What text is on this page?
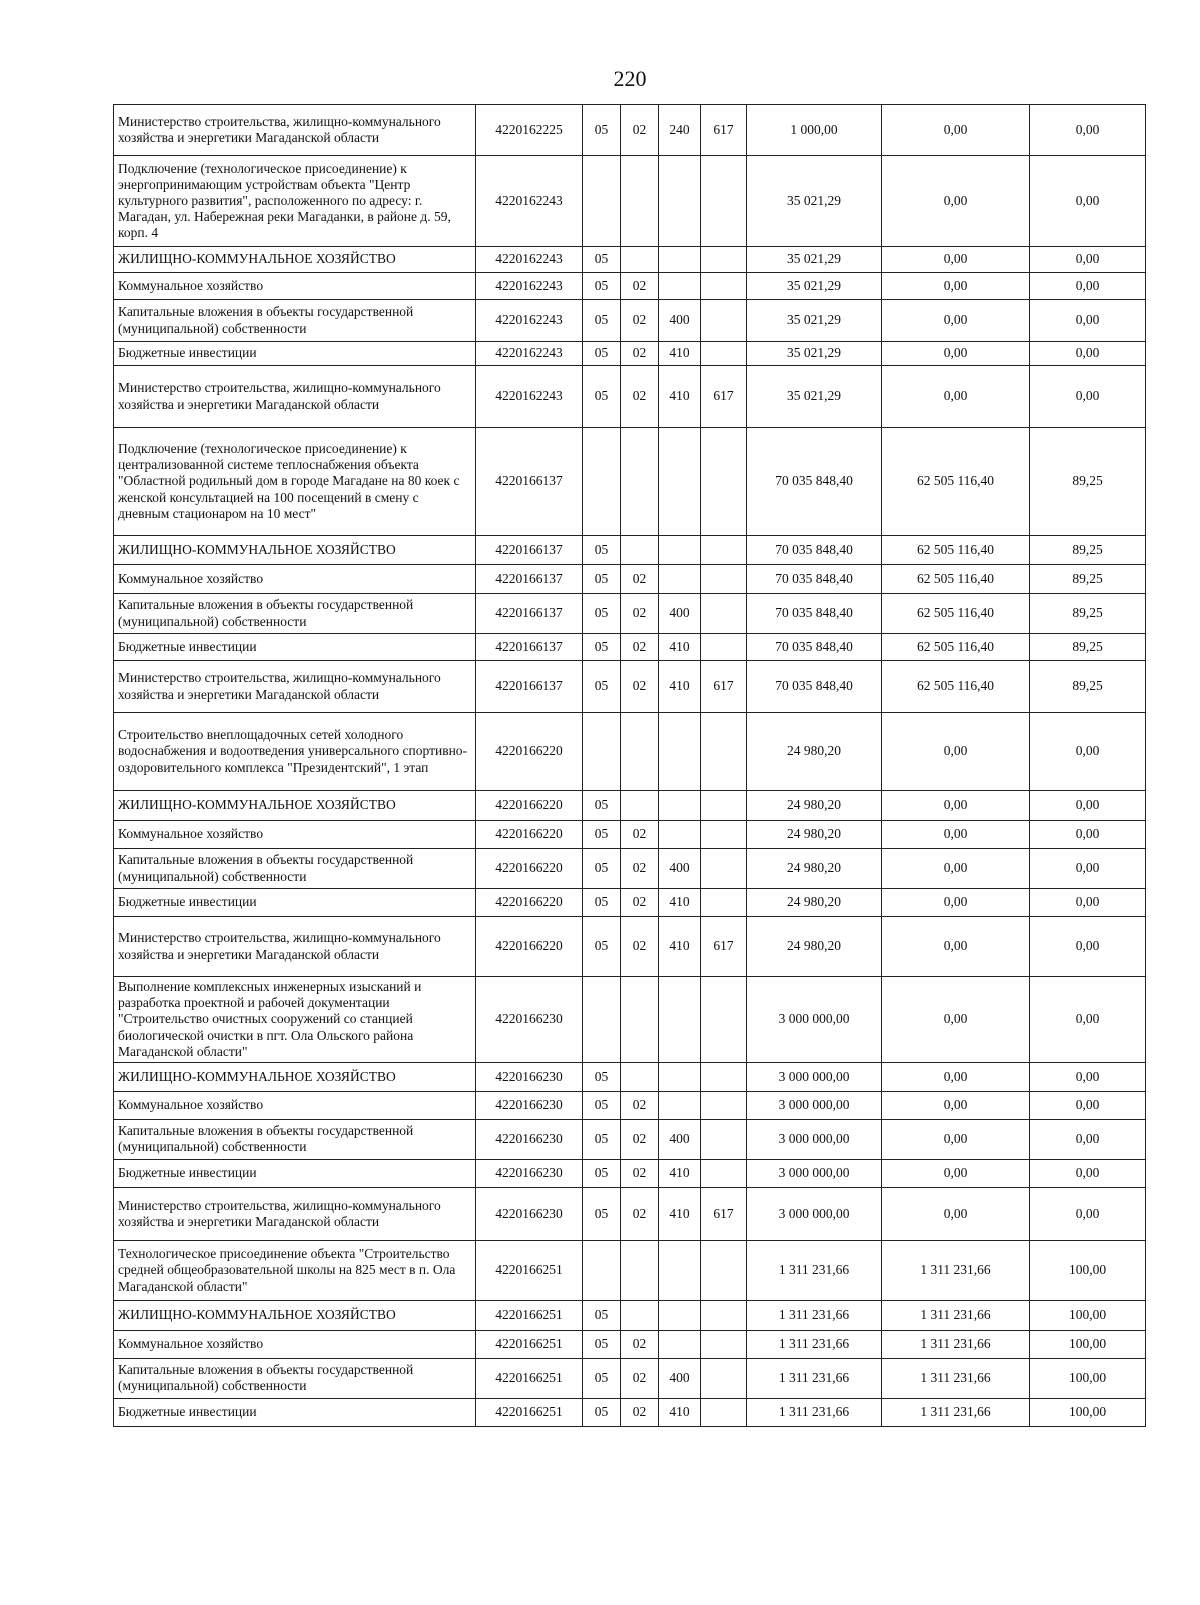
220
Министерство строительства, жилищно-коммунального хозяйства и энергетики Магаданской области	4220162225	05	02	240	617	1 000,00	0,00	0,00
Подключение (технологическое присоединение) к энергопринимающим устройствам объекта "Центр культурного развития", расположенного по адресу: г. Магадан, ул. Набережная реки Магаданки, в районе д. 59, корп. 4	4220162243					35 021,29	0,00	0,00
ЖИЛИЩНО-КОММУНАЛЬНОЕ ХОЗЯЙСТВО	4220162243	05				35 021,29	0,00	0,00
Коммунальное хозяйство	4220162243	05	02			35 021,29	0,00	0,00
Капитальные вложения в объекты государственной (муниципальной) собственности	4220162243	05	02	400		35 021,29	0,00	0,00
Бюджетные инвестиции	4220162243	05	02	410		35 021,29	0,00	0,00
Министерство строительства, жилищно-коммунального хозяйства и энергетики Магаданской области	4220162243	05	02	410	617	35 021,29	0,00	0,00
Подключение (технологическое присоединение) к централизованной системе теплоснабжения объекта "Областной родильный дом в городе Магадане на 80 коек с женской консультацией на 100 посещений в смену с дневным стационаром на 10 мест"	4220166137					70 035 848,40	62 505 116,40	89,25
ЖИЛИЩНО-КОММУНАЛЬНОЕ ХОЗЯЙСТВО	4220166137	05				70 035 848,40	62 505 116,40	89,25
Коммунальное хозяйство	4220166137	05	02			70 035 848,40	62 505 116,40	89,25
Капитальные вложения в объекты государственной (муниципальной) собственности	4220166137	05	02	400		70 035 848,40	62 505 116,40	89,25
Бюджетные инвестиции	4220166137	05	02	410		70 035 848,40	62 505 116,40	89,25
Министерство строительства, жилищно-коммунального хозяйства и энергетики Магаданской области	4220166137	05	02	410	617	70 035 848,40	62 505 116,40	89,25
Строительство внеплощадочных сетей холодного водоснабжения и водоотведения универсального спортивно-оздоровительного комплекса "Президентский", 1 этап	4220166220					24 980,20	0,00	0,00
ЖИЛИЩНО-КОММУНАЛЬНОЕ ХОЗЯЙСТВО	4220166220	05				24 980,20	0,00	0,00
Коммунальное хозяйство	4220166220	05	02			24 980,20	0,00	0,00
Капитальные вложения в объекты государственной (муниципальной) собственности	4220166220	05	02	400		24 980,20	0,00	0,00
Бюджетные инвестиции	4220166220	05	02	410		24 980,20	0,00	0,00
Министерство строительства, жилищно-коммунального хозяйства и энергетики Магаданской области	4220166220	05	02	410	617	24 980,20	0,00	0,00
Выполнение комплексных инженерных изысканий и разработка проектной и рабочей документации "Строительство очистных сооружений со станцией биологической очистки в пгт. Ола Ольского района Магаданской области"	4220166230					3 000 000,00	0,00	0,00
ЖИЛИЩНО-КОММУНАЛЬНОЕ ХОЗЯЙСТВО	4220166230	05				3 000 000,00	0,00	0,00
Коммунальное хозяйство	4220166230	05	02			3 000 000,00	0,00	0,00
Капитальные вложения в объекты государственной (муниципальной) собственности	4220166230	05	02	400		3 000 000,00	0,00	0,00
Бюджетные инвестиции	4220166230	05	02	410		3 000 000,00	0,00	0,00
Министерство строительства, жилищно-коммунального хозяйства и энергетики Магаданской области	4220166230	05	02	410	617	3 000 000,00	0,00	0,00
Технологическое присоединение объекта "Строительство средней общеобразовательной школы на 825 мест в п. Ола Магаданской области"	4220166251					1 311 231,66	1 311 231,66	100,00
ЖИЛИЩНО-КОММУНАЛЬНОЕ ХОЗЯЙСТВО	4220166251	05				1 311 231,66	1 311 231,66	100,00
Коммунальное хозяйство	4220166251	05	02			1 311 231,66	1 311 231,66	100,00
Капитальные вложения в объекты государственной (муниципальной) собственности	4220166251	05	02	400		1 311 231,66	1 311 231,66	100,00
Бюджетные инвестиции	4220166251	05	02	410		1 311 231,66	1 311 231,66	100,00
